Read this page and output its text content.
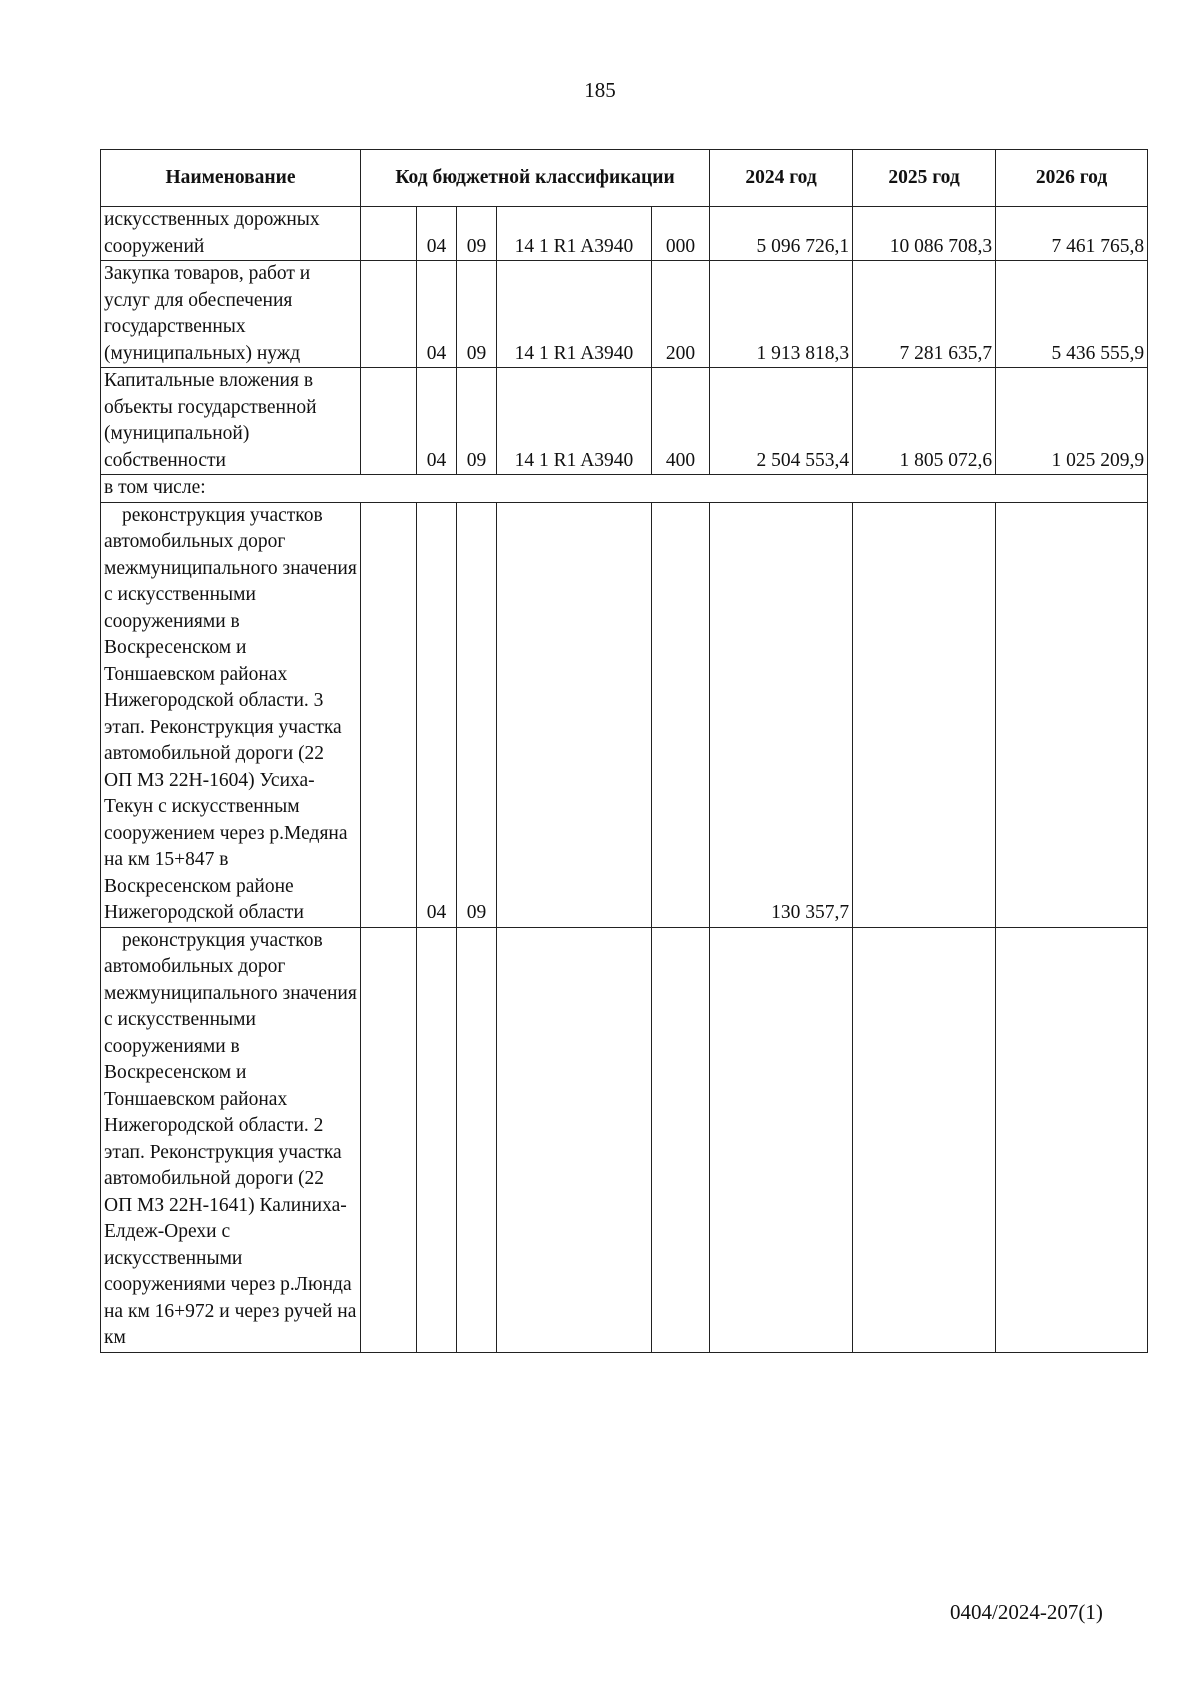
185
Наименование	Код бюджетной классификации					2024 год	2025 год	2026 год
искусственных дорожных сооружений		04	09	14 1 R1 A3940	000	5 096 726,1	10 086 708,3	7 461 765,8
Закупка товаров, работ и услуг для обеспечения государственных (муниципальных) нужд		04	09	14 1 R1 A3940	200	1 913 818,3	7 281 635,7	5 436 555,9
Капитальные вложения в объекты государственной (муниципальной) собственности		04	09	14 1 R1 A3940	400	2 504 553,4	1 805 072,6	1 025 209,9
в том числе:								
реконструкция участков автомобильных дорог межмуниципального значения с искусственными сооружениями в Воскресенском и Тоншаевском районах Нижегородской области. 3 этап. Реконструкция участка автомобильной дороги (22 ОП МЗ 22Н-1604) Усиха-Текун с искусственным сооружением через р.Медяна на км 15+847 в Воскресенском районе Нижегородской области		04	09			130 357,7		
реконструкция участков автомобильных дорог межмуниципального значения с искусственными сооружениями в Воскресенском и Тоншаевском районах Нижегородской области. 2 этап. Реконструкция участка автомобильной дороги (22 ОП МЗ 22Н-1641) Калиниха-Елдеж-Орехи с искусственными сооружениями через р.Люнда на км 16+972 и через ручей на км								
0404/2024-207(1)
